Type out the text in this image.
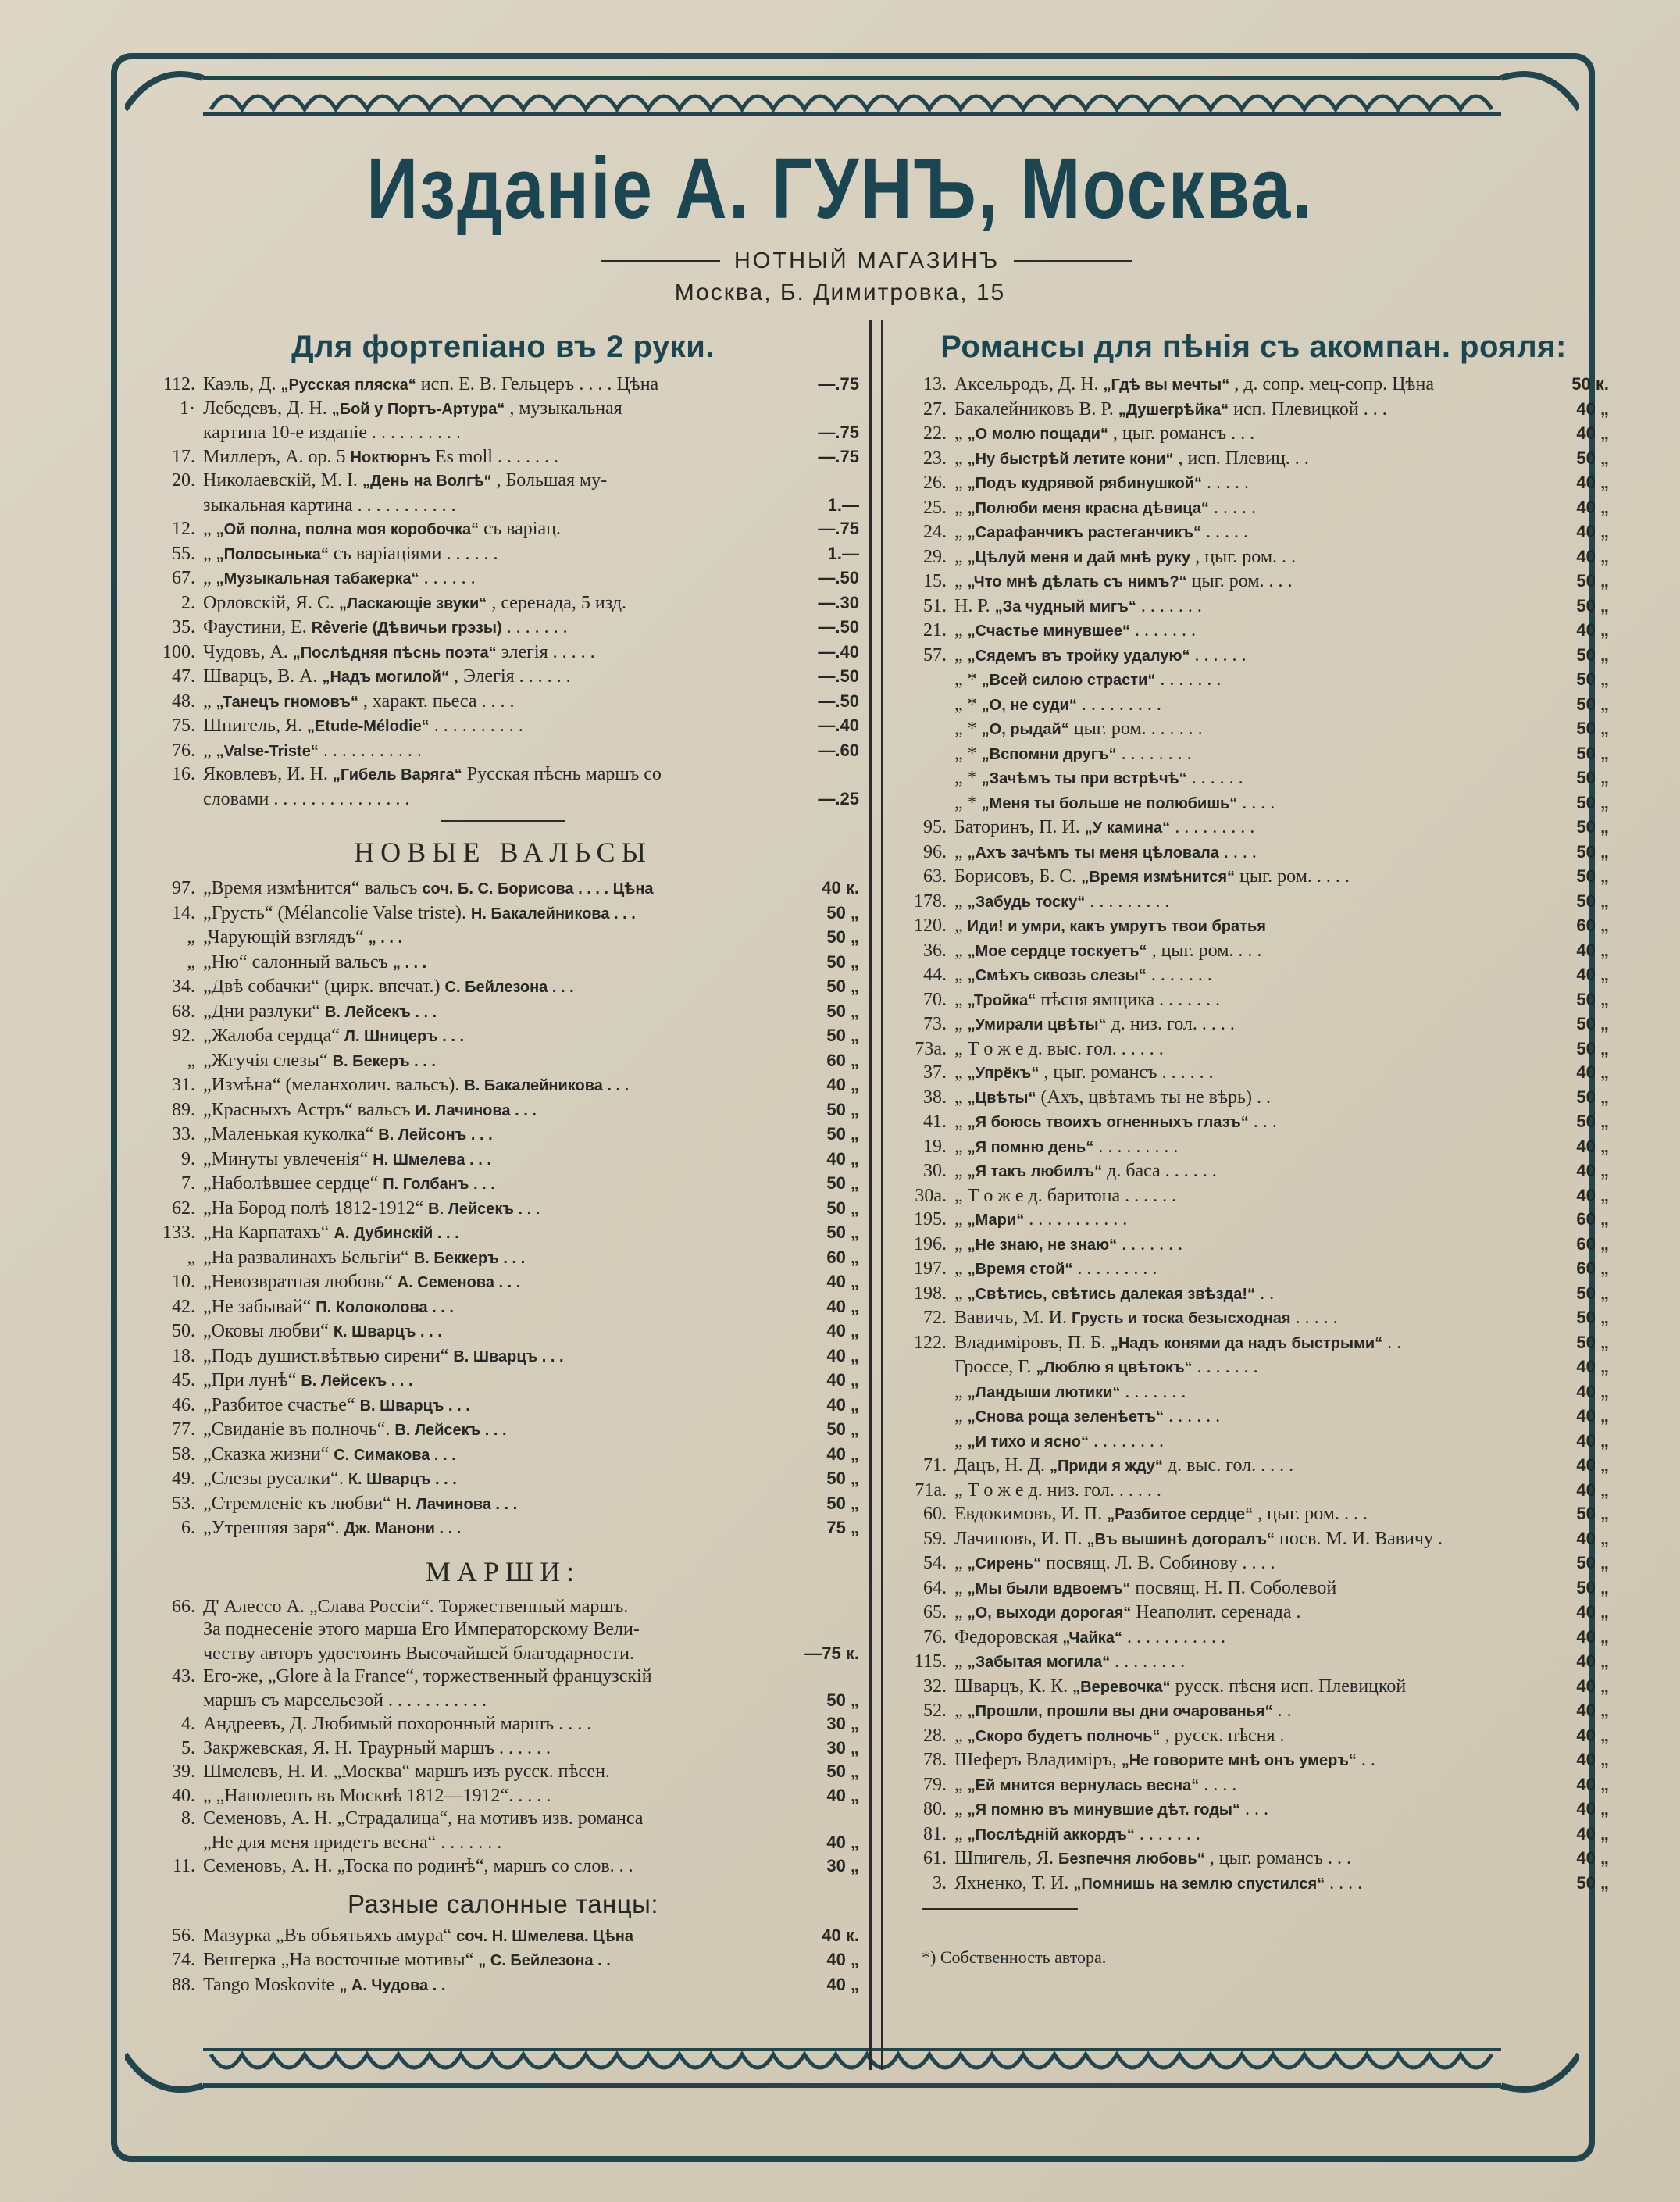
Изданіе А. ГУНЪ, Москва.
НОТНЫЙ МАГАЗИНЪ
Москва, Б. Димитровка, 15
Для фортепіано въ 2 руки.
112. Каэль, Д. „Русская пляска“ исп. Е. В. Гельцеръ . . . . Цѣна	—.75
1· Лебедевъ, Д. Н. „Бой у Портъ-Артура“ , музыкальная
картина 10-е изданіе . . . . . . . . . .	—.75
17. Миллеръ, А. ор. 5 Ноктюрнъ Es moll . . . . . . .	—.75
20. Николаевскій, М. I. „День на Волгѣ“ , Большая му-
зыкальная картина . . . . . . . . . . .	1.—
12. „ „Ой полна, полна моя коробочка“ съ варіац.	—.75
55. „ „Полосынька“ съ варіаціями . . . . . .	1.—
67. „ „Музыкальная табакерка“ . . . . . .	—.50
2. Орловскій, Я. С. „Ласкающіе звуки“ , серенада, 5 изд.	—.30
35. Фаустини, Е. Rêverie (Дѣвичьи грэзы) . . . . . . .	—.50
100. Чудовъ, А. „Послѣдняя пѣснь поэта“ элегія . . . . .	—.40
47. Шварцъ, В. А. „Надъ могилой“ , Элегія . . . . . .	—.50
48. „ „Танецъ гномовъ“ , характ. пьеса . . . .	—.50
75. Шпигель, Я. „Etude-Mélodie“ . . . . . . . . . .	—.40
76. „ „Valse-Triste“ . . . . . . . . . . .	—.60
16. Яковлевъ, И. Н. „Гибель Варяга“ Русская пѣснь маршъ со
словами . . . . . . . . . . . . . . .	—.25
НОВЫЕ ВАЛЬСЫ
97. „Время измѣнится“ вальсъ соч. Б. С. Борисова . . . . Цѣна	40 к.
14. „Грусть“ (Mélancolie Valse triste). Н. Бакалейникова . . .	50 „
„ „Чарующій взглядъ“ „ . . .	50 „
„ „Ню“ салонный вальсъ „ . . .	50 „
34. „Двѣ собачки“ (цирк. впечат.) С. Бейлезона . . .	50 „
68. „Дни разлуки“ В. Лейсекъ . . .	50 „
92. „Жалоба сердца“ Л. Шницеръ . . .	50 „
„ „Жгучія слезы“ В. Бекеръ . . .	60 „
31. „Измѣна“ (меланхолич. вальсъ). В. Бакалейникова . . .	40 „
89. „Красныхъ Астръ“ вальсъ И. Лачинова . . .	50 „
33. „Маленькая куколка“ В. Лейсонъ . . .	50 „
9. „Минуты увлеченія“ Н. Шмелева . . .	40 „
7. „Наболѣвшее сердце“ П. Голбанъ . . .	50 „
62. „На Бород полѣ 1812-1912“ В. Лейсекъ . . .	50 „
133. „На Карпатахъ“ А. Дубинскій . . .	50 „
„ „На развалинахъ Бельгіи“ В. Беккеръ . . .	60 „
10. „Невозвратная любовь“ А. Семенова . . .	40 „
42. „Не забывай“ П. Колоколова . . .	40 „
50. „Оковы любви“ К. Шварцъ . . .	40 „
18. „Подъ душист.вѣтвью сирени“ В. Шварцъ . . .	40 „
45. „При лунѣ“ В. Лейсекъ . . .	40 „
46. „Разбитое счастье“ В. Шварцъ . . .	40 „
77. „Свиданіе въ полночь“. В. Лейсекъ . . .	50 „
58. „Сказка жизни“ С. Симакова . . .	40 „
49. „Слезы русалки“. К. Шварцъ . . .	50 „
53. „Стремленіе къ любви“ Н. Лачинова . . .	50 „
6. „Утренняя заря“. Дж. Манони . . .	75 „
МАРШИ:
66. Д' Алессо А. „Слава Россіи“. Торжественный маршъ.
За поднесеніе этого марша Его Императорскому Вели-
честву авторъ удостоинъ Высочайшей благодарности.	—75 к.
43. Его-же, „Glore à la France“, торжественный французскій
маршъ съ марсельезой . . . . . . . . . . .	50 „
4. Андреевъ, Д. Любимый похоронный маршъ . . . .	30 „
5. Закржевская, Я. Н. Траурный маршъ . . . . . .	30 „
39. Шмелевъ, Н. И. „Москва“ маршъ изъ русск. пѣсен.	50 „
40. „ „Наполеонъ въ Москвѣ 1812—1912“. . . . .	40 „
8. Семеновъ, А. Н. „Страдалица“, на мотивъ изв. романса
„Не для меня придетъ весна“ . . . . . . .	40 „
11. Семеновъ, А. Н. „Тоска по родинѣ“, маршъ со слов. . .	30 „
Разные салонные танцы:
56. Мазурка „Въ объятьяхъ амура“ соч. Н. Шмелева. Цѣна	40 к.
74. Венгерка „На восточные мотивы“ „ С. Бейлезона . .	40 „
88. Tango Moskovite „ А. Чудова . .	40 „
Романсы для пѣнія съ акомпан. рояля:
13. Аксельродъ, Д. Н. „Гдѣ вы мечты“ , д. сопр. мец-сопр. Цѣна	50 к.
27. Бакалейниковъ В. Р. „Душегрѣйка“ исп. Плевицкой . . .	40 „
22. „ „О молю пощади“ , цыг. романсъ . . .	40 „
23. „ „Ну быстрѣй летите кони“ , исп. Плевиц. . .	50 „
26. „ „Подъ кудрявой рябинушкой“ . . . . .	40 „
25. „ „Полюби меня красна дѣвица“ . . . . .	40 „
24. „ „Сарафанчикъ растеганчикъ“ . . . . .	40 „
29. „ „Цѣлуй меня и дай мнѣ руку , цыг. ром. . .	40 „
15. „ „Что мнѣ дѣлать съ нимъ?“ цыг. ром. . . .	50 „
51. Н. Р. „За чудный мигъ“ . . . . . . .	50 „
21. „ „Счастье минувшее“ . . . . . . .	40 „
57. „ „Сядемъ въ тройку удалую“ . . . . . .	50 „
„ * „Всей силою страсти“ . . . . . . .	50 „
„ * „О, не суди“ . . . . . . . . .	50 „
„ * „О, рыдай“ цыг. ром. . . . . . .	50 „
„ * „Вспомни другъ“ . . . . . . . .	50 „
„ * „Зачѣмъ ты при встрѣчѣ“ . . . . . .	50 „
„ * „Меня ты больше не полюбишь“ . . . .	50 „
95. Баторинъ, П. И. „У камина“ . . . . . . . . .	50 „
96. „ „Ахъ зачѣмъ ты меня цѣловала . . . .	50 „
63. Борисовъ, Б. С. „Время измѣнится“ цыг. ром. . . . .	50 „
178. „ „Забудь тоску“ . . . . . . . . .	50 „
120. „ Иди! и умри, какъ умрутъ твои братья	60 „
36. „ „Мое сердце тоскуетъ“ , цыг. ром. . . .	40 „
44. „ „Смѣхъ сквозь слезы“ . . . . . . .	40 „
70. „ „Тройка“ пѣсня ямщика . . . . . . .	50 „
73. „ „Умирали цвѣты“ д. низ. гол. . . . .	50 „
73a. „ Т о ж е д. выс. гол. . . . . .	50 „
37. „ „Упрёкъ“ , цыг. романсъ . . . . . .	40 „
38. „ „Цвѣты“ (Ахъ, цвѣтамъ ты не вѣрь) . .	50 „
41. „ „Я боюсь твоихъ огненныхъ глазъ“ . . .	50 „
19. „ „Я помню день“ . . . . . . . . .	40 „
30. „ „Я такъ любилъ“ д. баса . . . . . .	40 „
30a. „ Т о ж е д. баритона . . . . . .	40 „
195. „ „Мари“ . . . . . . . . . . .	60 „
196. „ „Не знаю, не знаю“ . . . . . . .	60 „
197. „ „Время стой“ . . . . . . . . .	60 „
198. „ „Свѣтись, свѣтись далекая звѣзда!“ . .	50 „
72. Вавичъ, М. И. Грусть и тоска безысходная . . . . .	50 „
122. Владиміровъ, П. Б. „Надъ конями да надъ быстрыми“ . .	50 „
Гроссе, Г. „Люблю я цвѣтокъ“ . . . . . . .	40 „
„ „Ландыши лютики“ . . . . . . .	40 „
„ „Снова роща зеленѣетъ“ . . . . . .	40 „
„ „И тихо и ясно“ . . . . . . . .	40 „
71. Дацъ, Н. Д. „Приди я жду“ д. выс. гол. . . . .	40 „
71a. „ Т о ж е д. низ. гол. . . . . .	40 „
60. Евдокимовъ, И. П. „Разбитое сердце“ , цыг. ром. . . .	50 „
59. Лачиновъ, И. П. „Въ вышинѣ догоралъ“ посв. М. И. Вавичу .	40 „
54. „ „Сирень“ посвящ. Л. В. Собинову . . . .	50 „
64. „ „Мы были вдвоемъ“ посвящ. Н. П. Соболевой	50 „
65. „ „О, выходи дорогая“ Неаполит. серенада .	40 „
76. Федоровская „Чайка“ . . . . . . . . . . .	40 „
115. „ „Забытая могила“ . . . . . . . .	40 „
32. Шварцъ, К. К. „Веревочка“ русск. пѣсня исп. Плевицкой	40 „
52. „ „Прошли, прошли вы дни очарованья“ . .	40 „
28. „ „Скоро будетъ полночь“ , русск. пѣсня .	40 „
78. Шеферъ Владиміръ, „Не говорите мнѣ онъ умеръ“ . .	40 „
79. „ „Ей мнится вернулась весна“ . . . .	40 „
80. „ „Я помню въ минувшие дѣт. годы“ . . .	40 „
81. „ „Послѣдній аккордъ“ . . . . . . .	40 „
61. Шпигель, Я. Безпечня любовь“ , цыг. романсъ . . .	40 „
3. Яхненко, Т. И. „Помнишь на землю спустился“ . . . .	50 „
*) Собственность автора.
